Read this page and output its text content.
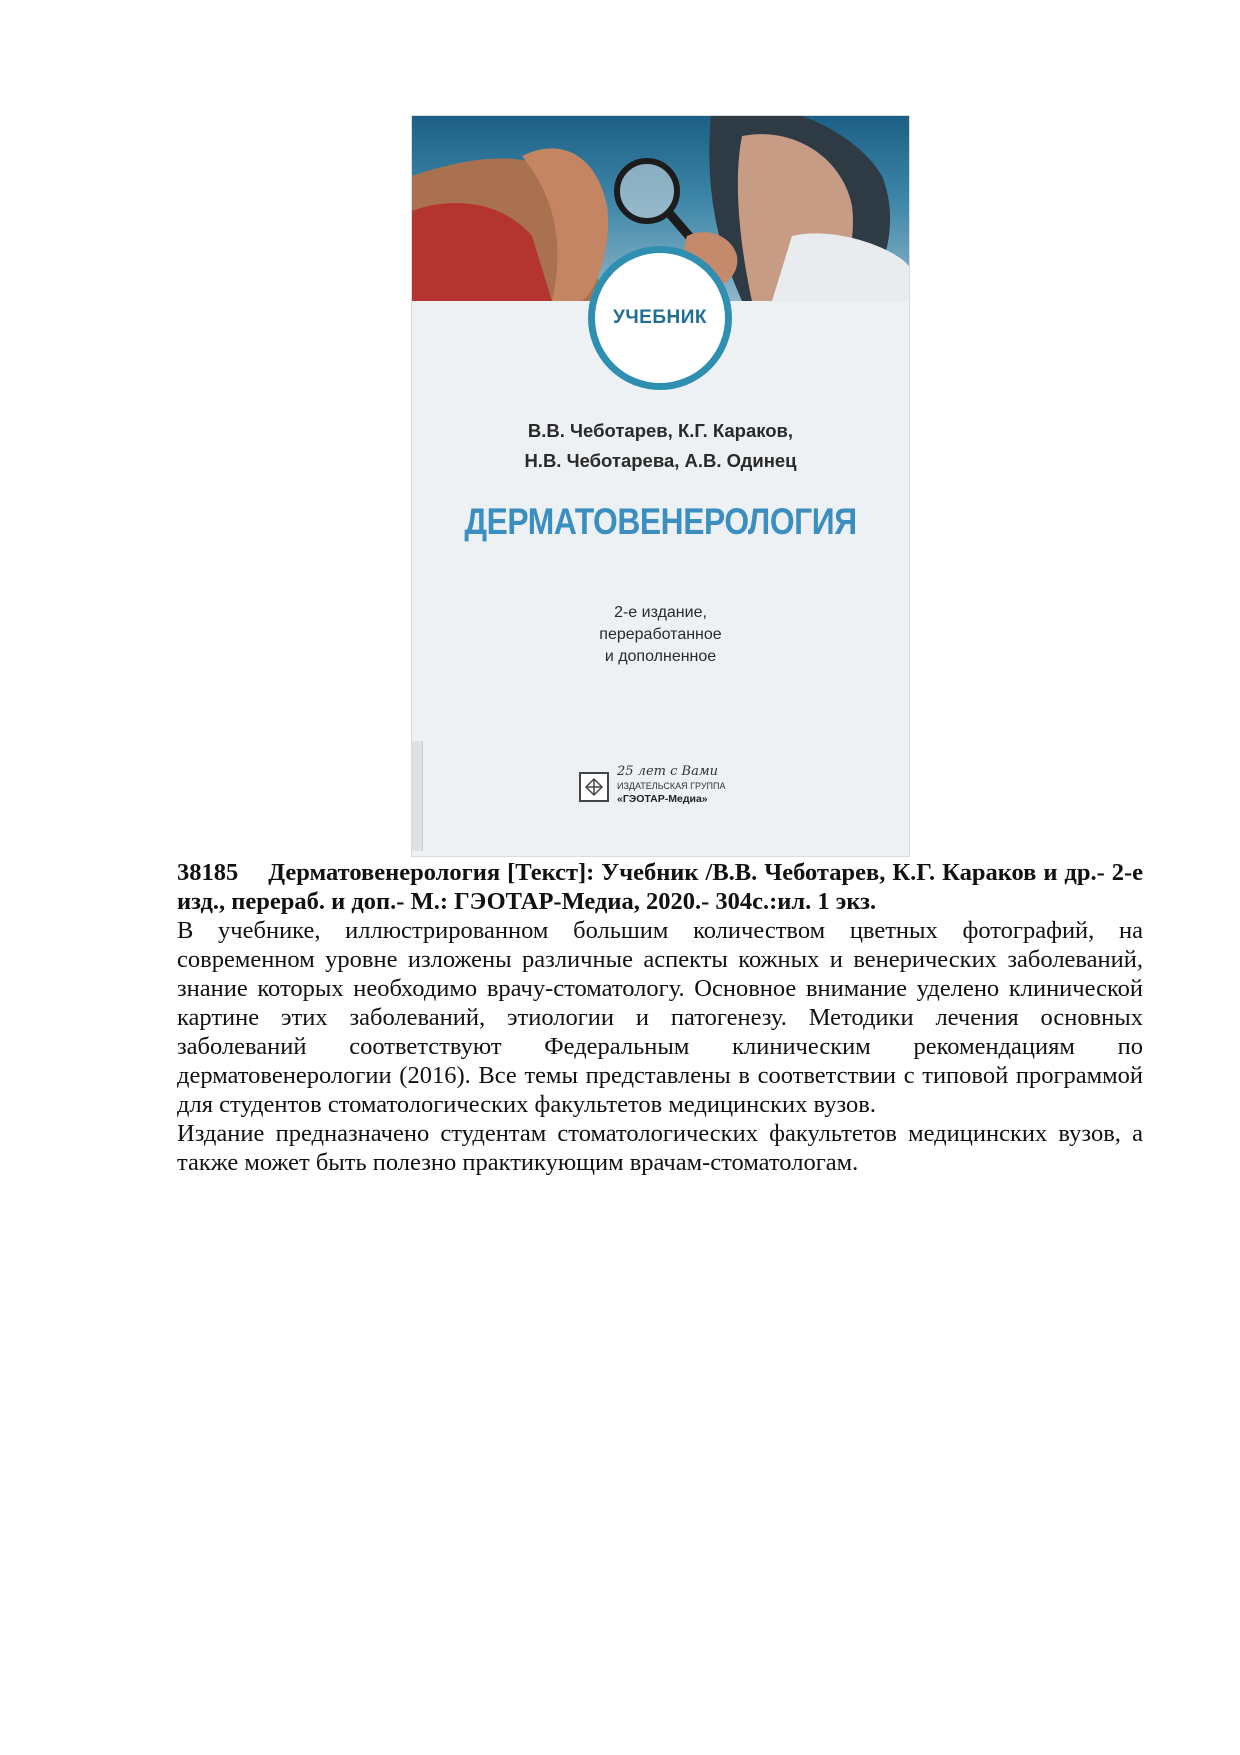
УЧЕБНИК
В.В. Чеботарев, К.Г. Караков,
Н.В. Чеботарева, А.В. Одинец
ДЕРМАТОВЕНЕРОЛОГИЯ
2-е издание,
переработанное
и дополненное
25 лет с Вами
ИЗДАТЕЛЬСКАЯ ГРУППА
«ГЭОТАР-Медиа»

38185 Дерматовенерология [Текст]: Учебник /В.В. Чеботарев, К.Г. Караков и др.- 2-е изд., перераб. и доп.- М.: ГЭОТАР-Медиа, 2020.- 304с.:ил. 1 экз.

В учебнике, иллюстрированном большим количеством цветных фотографий, на современном уровне изложены различные аспекты кожных и венерических заболеваний, знание которых необходимо врачу-стоматологу. Основное внимание уделено клинической картине этих заболеваний, этиологии и патогенезу. Методики лечения основных заболеваний соответствуют Федеральным клиническим рекомендациям по дерматовенерологии (2016). Все темы представлены в соответствии с типовой программой для студентов стоматологических факультетов медицинских вузов.

Издание предназначено студентам стоматологических факультетов медицинских вузов, а также может быть полезно практикующим врачам-стоматологам.
